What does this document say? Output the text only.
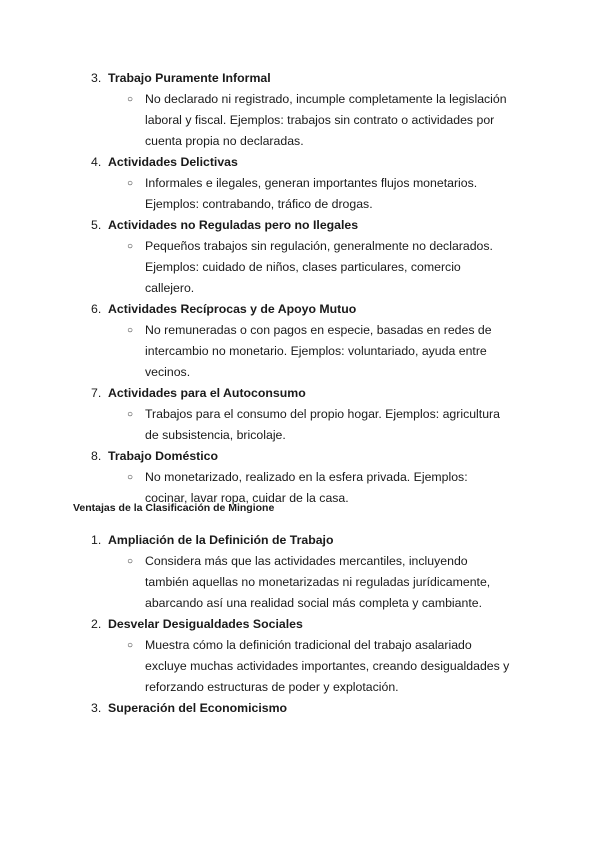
3. Trabajo Puramente Informal
○ No declarado ni registrado, incumple completamente la legislación laboral y fiscal. Ejemplos: trabajos sin contrato o actividades por cuenta propia no declaradas.
4. Actividades Delictivas
○ Informales e ilegales, generan importantes flujos monetarios. Ejemplos: contrabando, tráfico de drogas.
5. Actividades no Reguladas pero no Ilegales
○ Pequeños trabajos sin regulación, generalmente no declarados. Ejemplos: cuidado de niños, clases particulares, comercio callejero.
6. Actividades Recíprocas y de Apoyo Mutuo
○ No remuneradas o con pagos en especie, basadas en redes de intercambio no monetario. Ejemplos: voluntariado, ayuda entre vecinos.
7. Actividades para el Autoconsumo
○ Trabajos para el consumo del propio hogar. Ejemplos: agricultura de subsistencia, bricolaje.
8. Trabajo Doméstico
○ No monetarizado, realizado en la esfera privada. Ejemplos: cocinar, lavar ropa, cuidar de la casa.
Ventajas de la Clasificación de Mingione
1. Ampliación de la Definición de Trabajo
○ Considera más que las actividades mercantiles, incluyendo también aquellas no monetarizadas ni reguladas jurídicamente, abarcando así una realidad social más completa y cambiante.
2. Desvelar Desigualdades Sociales
○ Muestra cómo la definición tradicional del trabajo asalariado excluye muchas actividades importantes, creando desigualdades y reforzando estructuras de poder y explotación.
3. Superación del Economicismo
